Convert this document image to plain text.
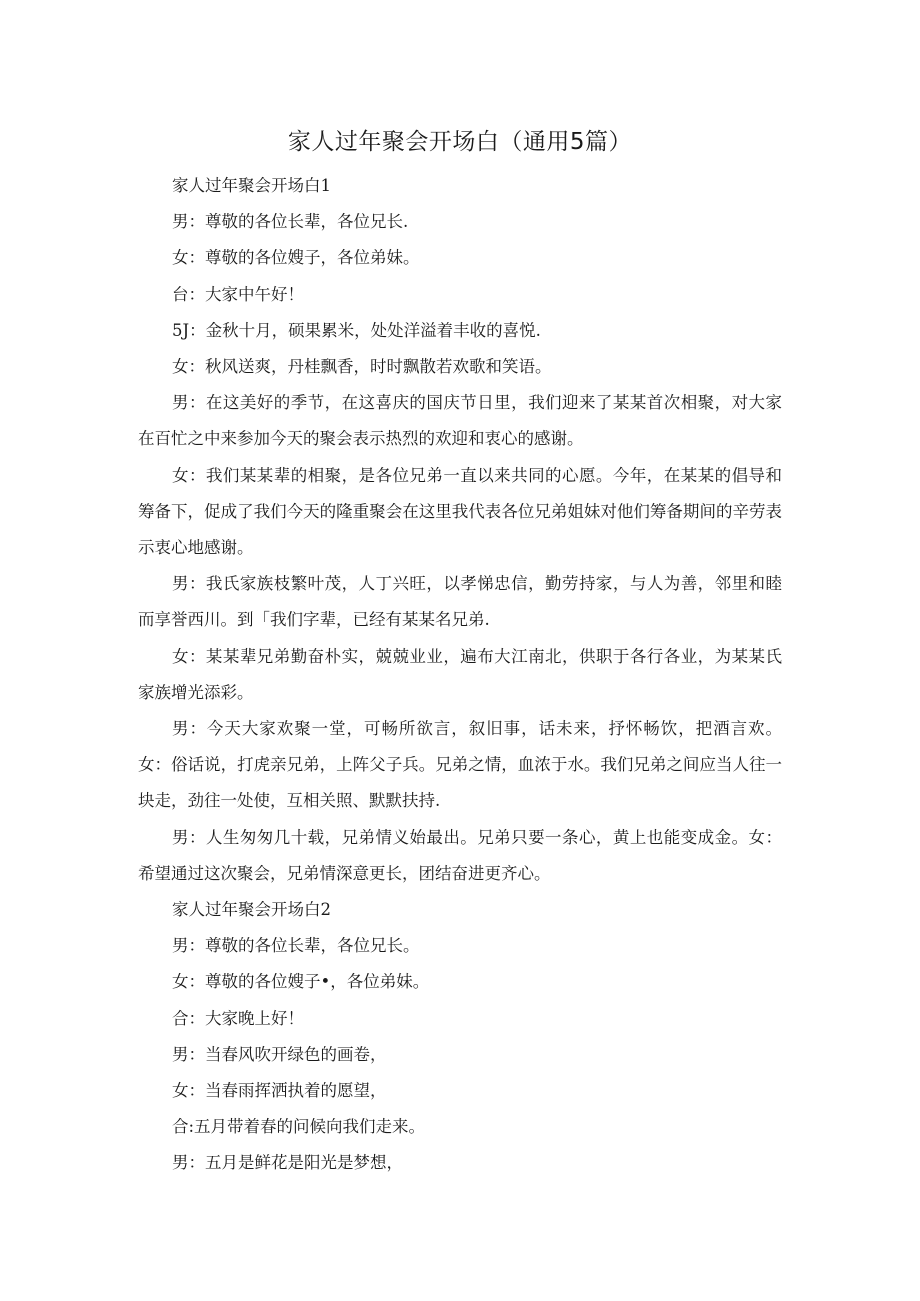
家人过年聚会开场白（通用5篇）

家人过年聚会开场白1

男：尊敬的各位长辈，各位兄长.

女：尊敬的各位嫂子，各位弟妹。

台：大家中午好！

5J：金秋十月，硕果累米，处处洋溢着丰收的喜悦.

女：秋风送爽，丹桂飘香，时时飘散若欢歌和笑语。

男：在这美好的季节，在这喜庆的国庆节日里，我们迎来了某某首次相聚，对大家在百忙之中来参加今天的聚会表示热烈的欢迎和衷心的感谢。

女：我们某某辈的相聚，是各位兄弟一直以来共同的心愿。今年，在某某的倡导和筹备下，促成了我们今天的隆重聚会在这里我代表各位兄弟姐妹对他们筹备期间的辛劳表示衷心地感谢。

男：我氏家族枝繁叶茂，人丁兴旺，以孝悌忠信，勤劳持家，与人为善，邻里和睦而享誉西川。到「我们字辈，已经有某某名兄弟.

女：某某辈兄弟勤奋朴实，兢兢业业，遍布大江南北，供职于各行各业，为某某氏家族增光添彩。

男：今天大家欢聚一堂，可畅所欲言，叙旧事，话未来，抒怀畅饮，把酒言欢。女：俗话说，打虎亲兄弟，上阵父子兵。兄弟之情，血浓于水。我们兄弟之间应当人往一块走，劲往一处使，互相关照、默默扶持.

男：人生匆匆几十载，兄弟情义始最出。兄弟只要一条心，黄上也能变成金。女：希望通过这次聚会，兄弟情深意更长，团结奋进更齐心。

家人过年聚会开场白2

男：尊敬的各位长辈，各位兄长。

女：尊敬的各位嫂子•，各位弟妹。

合：大家晚上好！

男：当春风吹开绿色的画卷，

女：当春雨挥洒执着的愿望，

合:五月带着春的问候向我们走来。

男：五月是鲜花是阳光是梦想，
